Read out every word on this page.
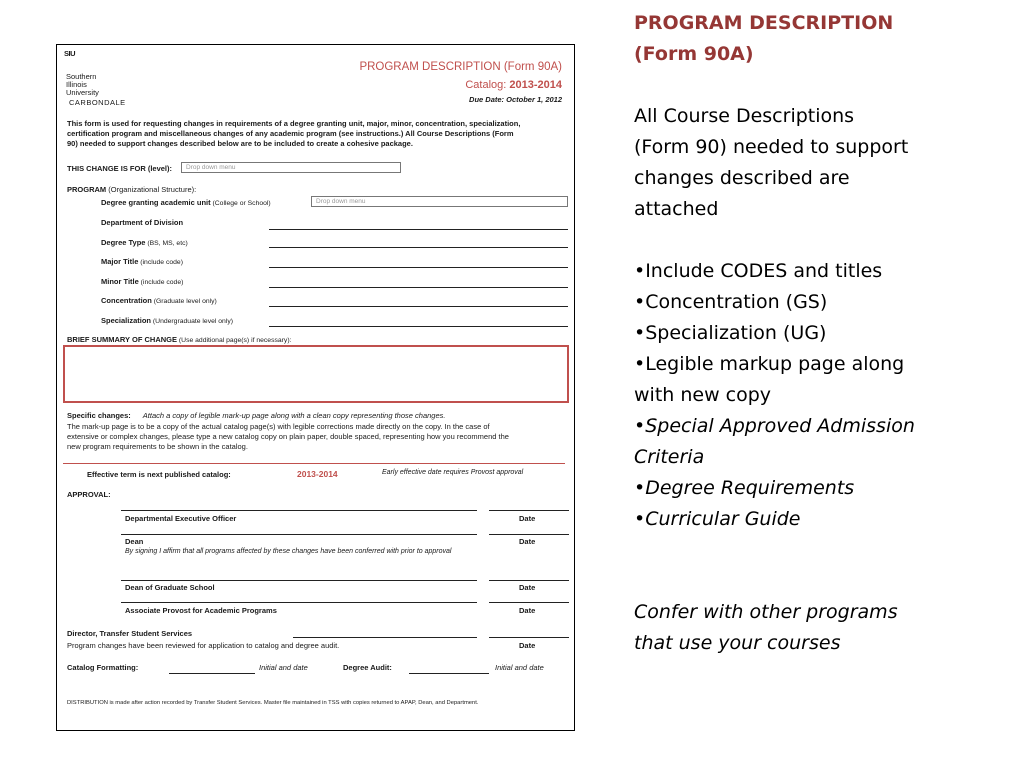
SIU
Southern
Illinois
University
CARBONDALE
PROGRAM DESCRIPTION (Form 90A)
Catalog: 2013-2014
Due Date: October 1, 2012
This form is used for requesting changes in requirements of a degree granting unit, major, minor, concentration, specialization,
certification program and miscellaneous changes of any academic program (see instructions.) All Course Descriptions (Form
90) needed to support changes described below are to be included to create a cohesive package.
THIS CHANGE IS FOR (level):	Drop down menu
PROGRAM (Organizational Structure):
Degree granting academic unit (College or School)	Drop down menu
Department of Division
Degree Type (BS, MS, etc)
Major Title (include code)
Minor Title (include code)
Concentration (Graduate level only)
Specialization (Undergraduate level only)
BRIEF SUMMARY OF CHANGE (Use additional page(s) if necessary):
Specific changes: Attach a copy of legible mark-up page along with a clean copy representing those changes.
The mark-up page is to be a copy of the actual catalog page(s) with legible corrections made directly on the copy. In the case of
extensive or complex changes, please type a new catalog copy on plain paper, double spaced, representing how you recommend the
new program requirements to be shown in the catalog.
Effective term is next published catalog:	2013-2014	Early effective date requires Provost approval
APPROVAL:
Departmental Executive Officer	Date
Dean	Date
By signing I affirm that all programs affected by these changes have been conferred with prior to approval
Dean of Graduate School	Date
Associate Provost for Academic Programs	Date
Director, Transfer Student Services
Program changes have been reviewed for application to catalog and degree audit.	Date
Catalog Formatting:	Initial and date	Degree Audit:	Initial and date
DISTRIBUTION is made after action recorded by Transfer Student Services. Master file maintained in TSS with copies returned to APAP, Dean, and Department.

PROGRAM DESCRIPTION

(Form 90A)

All Course Descriptions

(Form 90) needed to support

changes described are

attached

•Include CODES and titles

•Concentration (GS)

•Specialization (UG)

•Legible markup page along

with new copy

•Special Approved Admission

Criteria

•Degree Requirements

•Curricular Guide

Confer with other programs

that use your courses
